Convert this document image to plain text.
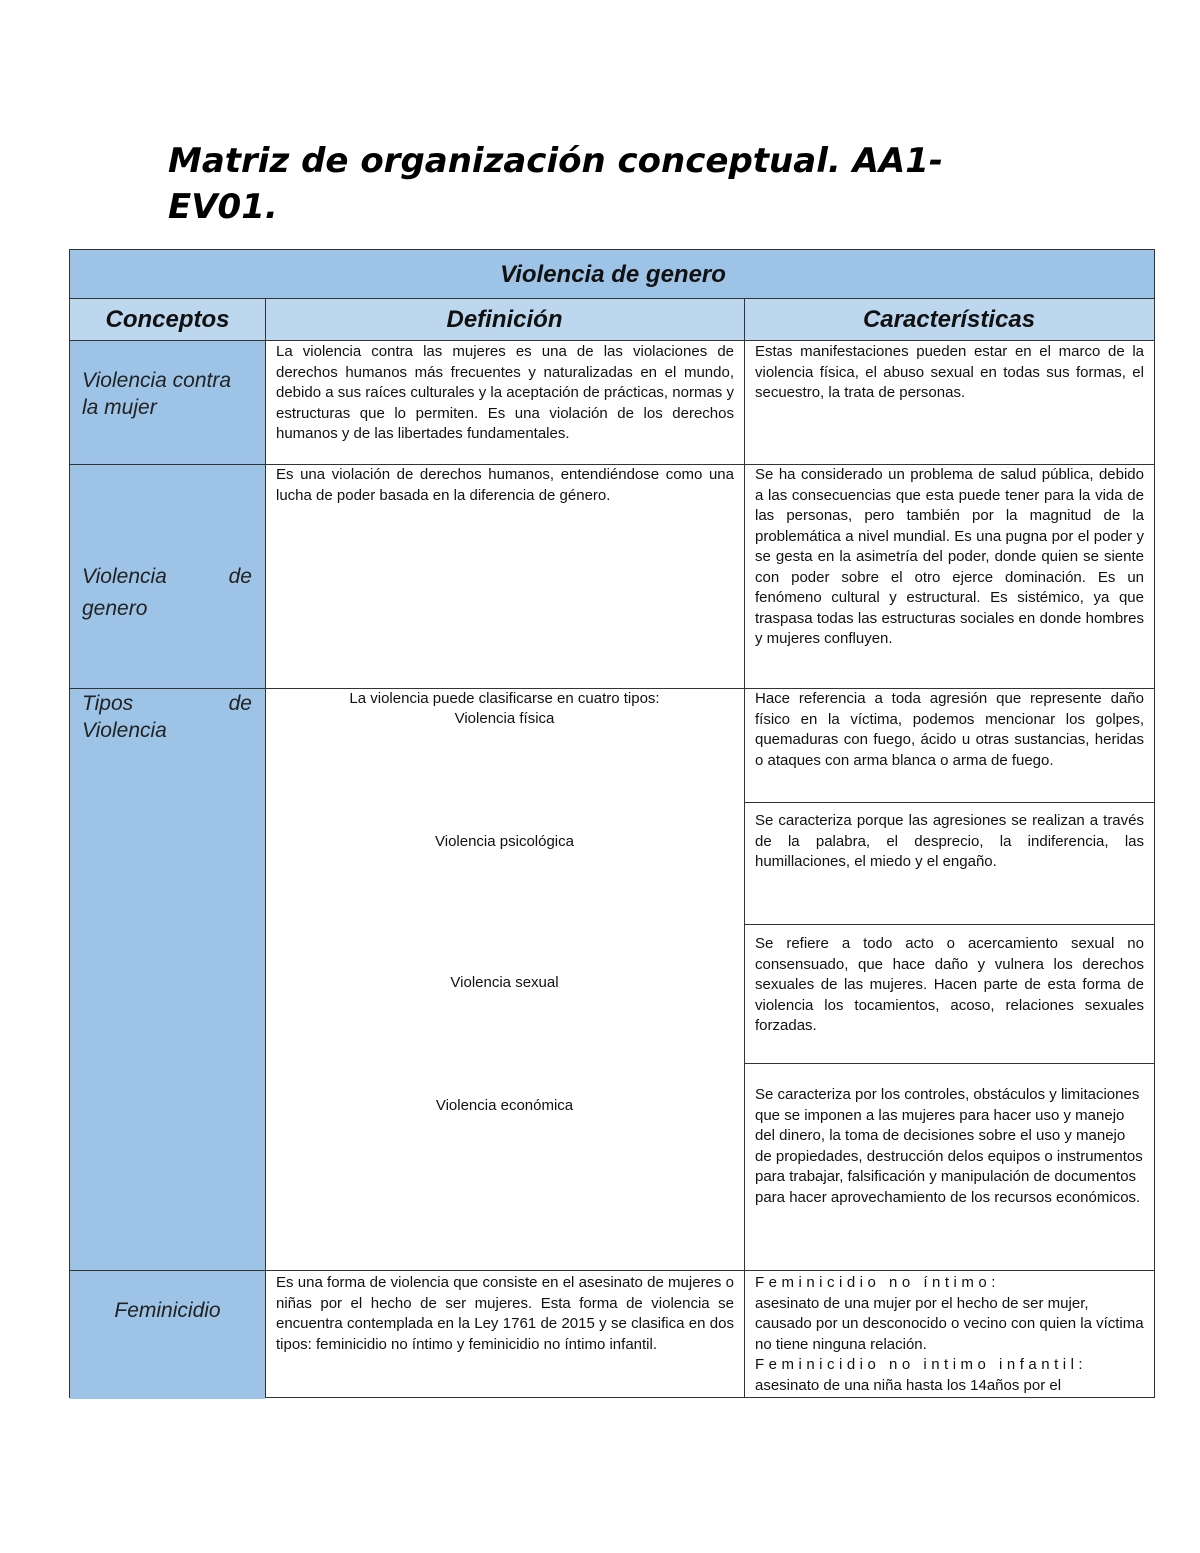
Matriz de organización conceptual. AA1-EV01.
Violencia de genero
Conceptos	Definición	Características
Violencia contra la mujer
La violencia contra las mujeres es una de las violaciones de derechos humanos más frecuentes y naturalizadas en el mundo, debido a sus raíces culturales y la aceptación de prácticas, normas y estructuras que lo permiten. Es una violación de los derechos humanos y de las libertades fundamentales.
Estas manifestaciones pueden estar en el marco de la violencia física, el abuso sexual en todas sus formas, el secuestro, la trata de personas.
Violencia de genero
Es una violación de derechos humanos, entendiéndose como una lucha de poder basada en la diferencia de género.
Se ha considerado un problema de salud pública, debido a las consecuencias que esta puede tener para la vida de las personas, pero también por la magnitud de la problemática a nivel mundial. Es una pugna por el poder y se gesta en la asimetría del poder, donde quien se siente con poder sobre el otro ejerce dominación. Es un fenómeno cultural y estructural. Es sistémico, ya que traspasa todas las estructuras sociales en donde hombres y mujeres confluyen.
Tipos de Violencia
La violencia puede clasificarse en cuatro tipos:
Violencia física
Violencia psicológica
Violencia sexual
Violencia económica
Hace referencia a toda agresión que represente daño físico en la víctima, podemos mencionar los golpes, quemaduras con fuego, ácido u otras sustancias, heridas o ataques con arma blanca o arma de fuego.
Se caracteriza porque las agresiones se realizan a través de la palabra, el desprecio, la indiferencia, las humillaciones, el miedo y el engaño.
Se refiere a todo acto o acercamiento sexual no consensuado, que hace daño y vulnera los derechos sexuales de las mujeres. Hacen parte de esta forma de violencia los tocamientos, acoso, relaciones sexuales forzadas.
Se caracteriza por los controles, obstáculos y limitaciones que se imponen a las mujeres para hacer uso y manejo del dinero, la toma de decisiones sobre el uso y manejo de propiedades, destrucción delos equipos o instrumentos para trabajar, falsificación y manipulación de documentos para hacer aprovechamiento de los recursos económicos.
Feminicidio
Es una forma de violencia que consiste en el asesinato de mujeres o niñas por el hecho de ser mujeres. Esta forma de violencia se encuentra contemplada en la Ley 1761 de 2015 y se clasifica en dos tipos: feminicidio no íntimo y feminicidio no íntimo infantil.
Feminicidio no íntimo:
asesinato de una mujer por el hecho de ser mujer, causado por un desconocido o vecino con quien la víctima no tiene ninguna relación.
Feminicidio no intimo infantil:
asesinato de una niña hasta los 14años por el
